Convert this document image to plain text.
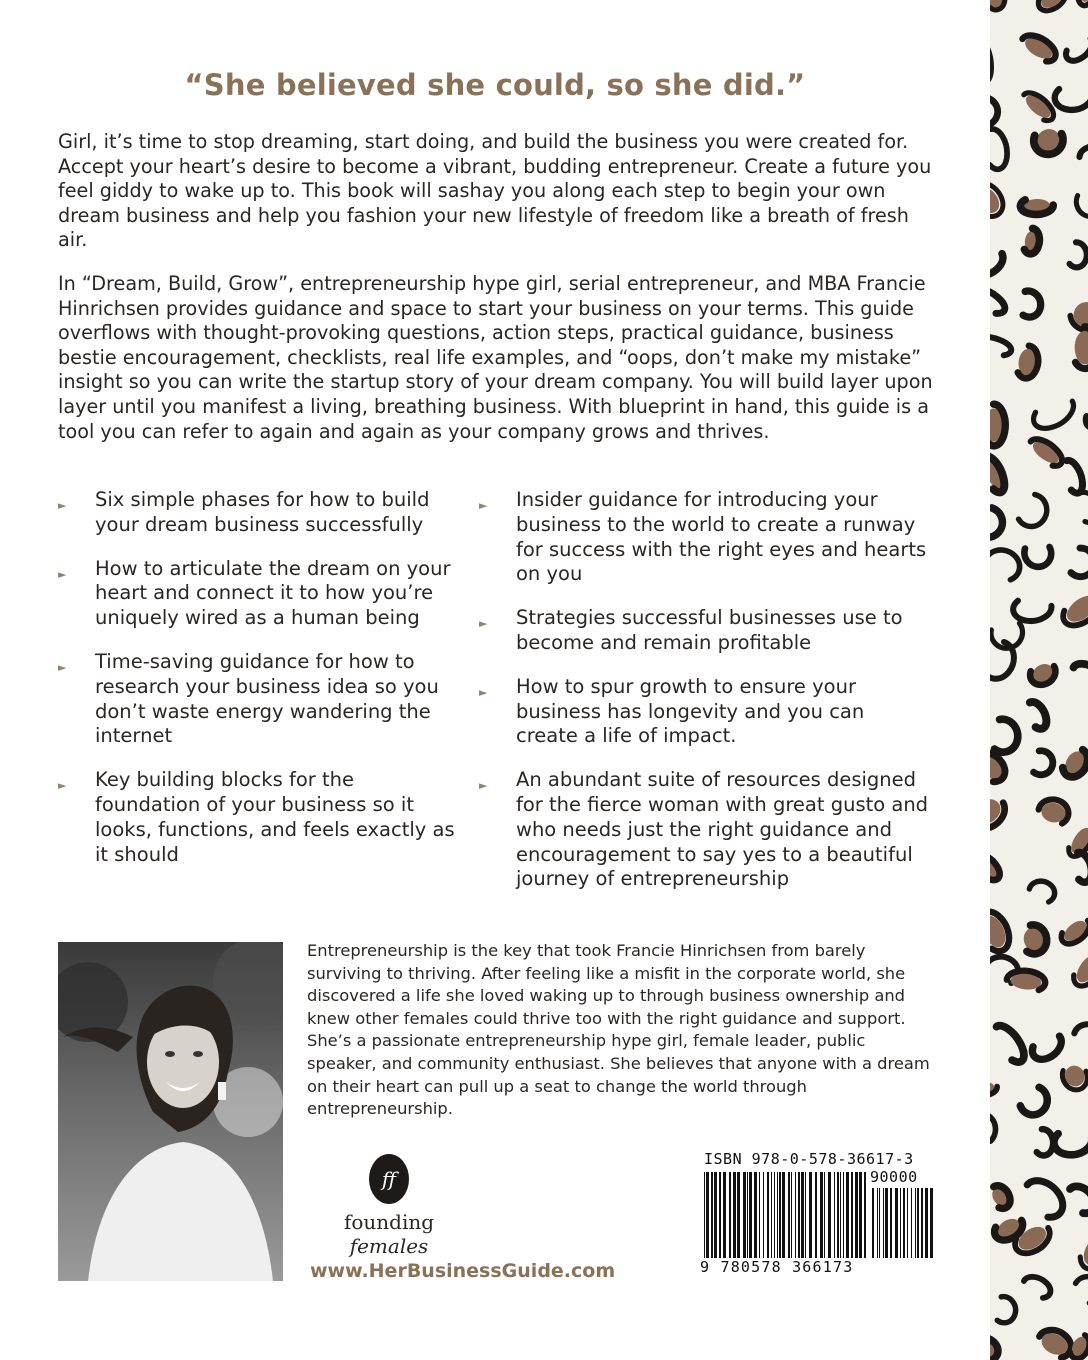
“She believed she could, so she did.”

Girl, it’s time to stop dreaming, start doing, and build the business you were created for. Accept your heart’s desire to become a vibrant, budding entrepreneur. Create a future you feel giddy to wake up to. This book will sashay you along each step to begin your own dream business and help you fashion your new lifestyle of freedom like a breath of fresh air.

In “Dream, Build, Grow”, entrepreneurship hype girl, serial entrepreneur, and MBA Francie Hinrichsen provides guidance and space to start your business on your terms. This guide overflows with thought-provoking questions, action steps, practical guidance, business bestie encouragement, checklists, real life examples, and “oops, don’t make my mistake” insight so you can write the startup story of your dream company. You will build layer upon layer until you manifest a living, breathing business. With blueprint in hand, this guide is a tool you can refer to again and again as your company grows and thrives.

► Six simple phases for how to build your dream business successfully
► How to articulate the dream on your heart and connect it to how you’re uniquely wired as a human being
► Time-saving guidance for how to research your business idea so you don’t waste energy wandering the internet
► Key building blocks for the foundation of your business so it looks, functions, and feels exactly as it should
► Insider guidance for introducing your business to the world to create a runway for success with the right eyes and hearts on you
► Strategies successful businesses use to become and remain profitable
► How to spur growth to ensure your business has longevity and you can create a life of impact.
► An abundant suite of resources designed for the fierce woman with great gusto and who needs just the right guidance and encouragement to say yes to a beautiful journey of entrepreneurship

Entrepreneurship is the key that took Francie Hinrichsen from barely surviving to thriving. After feeling like a misfit in the corporate world, she discovered a life she loved waking up to through business ownership and knew other females could thrive too with the right guidance and support. She’s a passionate entrepreneurship hype girl, female leader, public speaker, and community enthusiast. She believes that anyone with a dream on their heart can pull up a seat to change the world through entrepreneurship.

ff
founding females
www.HerBusinessGuide.com
ISBN 978-0-578-36617-3
90000
9 780578 366173
